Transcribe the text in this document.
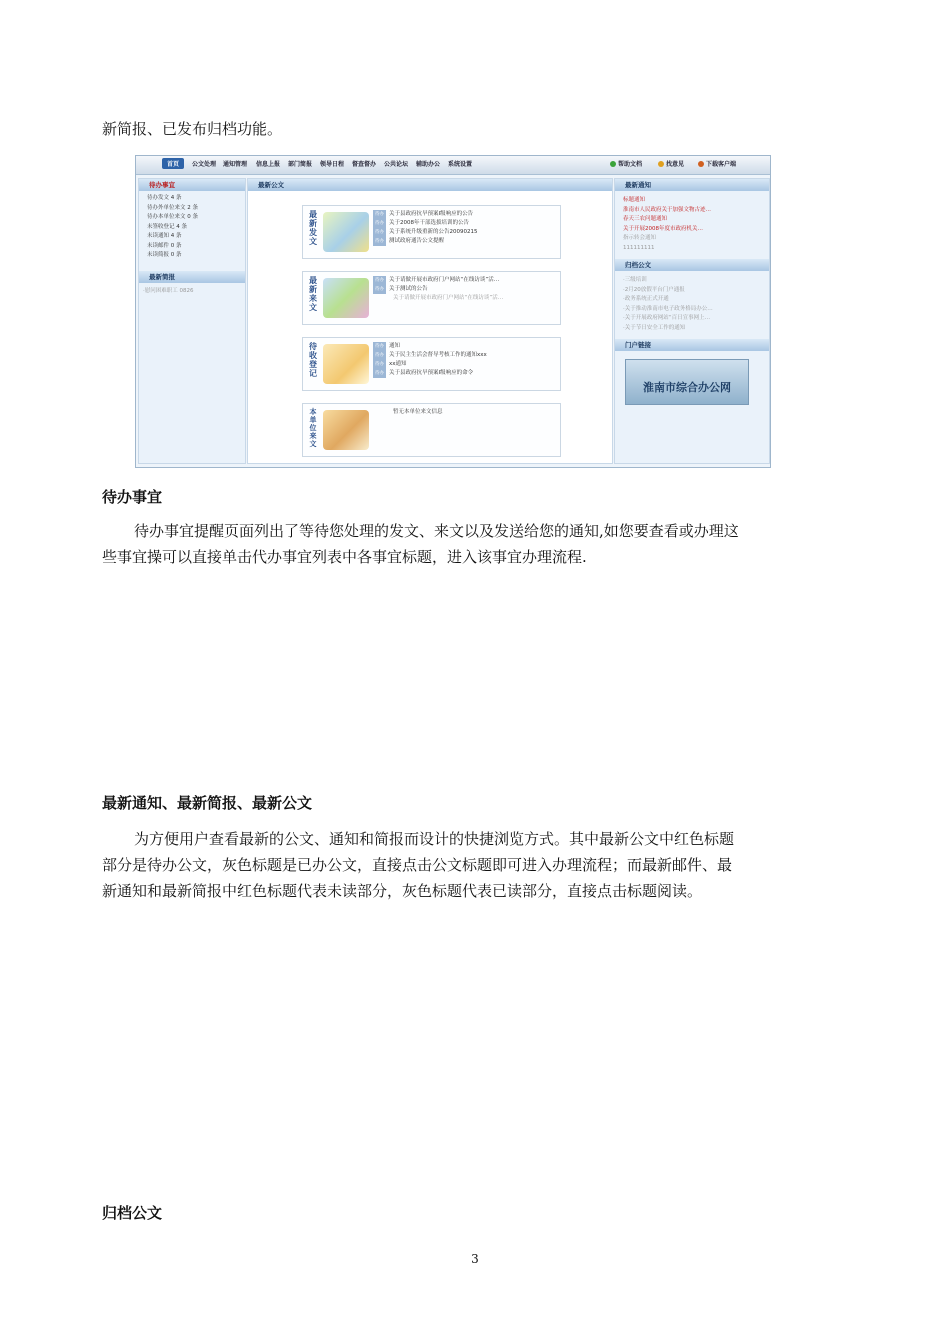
新简报、已发布归档功能。

首页	公文处理 通知管理 信息上报 部门简报 领导日程 督查督办 公共论坛 辅助办公 系统设置	帮助文档	找意见	下载客户端
待办事宜
待办发文 4 条
待办外单位来文 2 条
待办本单位来文 0 条
未签收登记 4 条
未读通知 4 条
未读邮件 0 条
未读简报 0 条
最新简报
·慰问困难职工 0826
最新公文
最新发文
待办 关于县政府抗旱预案Ⅰ级响应的公告
待办 关于2008年干部选拔培训的公告
待办 关于系统升级重新的公告20090215
待办 测试政府通告公文提醒
最新来文
待办 关于请做开展市政府门户网站“在线访谈”活…
待办 关于测试的公告
关于请做开展市政府门户网站“在线访谈”活…
待收登记
待办 通知
待办 关于民主生活会督导考核工作的通知xxx
待办 xx通知
待办 关于县政府抗旱预案Ⅰ级响应的命令
本单位来文
暂无本单位来文信息
最新通知
标题通知
淮南市人民政府关于加强文物古迹…
春天三农问题通知
关于开展2008年度市政府机关…
指示转会通知
111111111
归档公文
·三级培训
·2月20放假平台门户通报
·政务系统正式开通
·关于推动淮南市电子政务格局办公…
·关于开展政府网站“百日宣事网上…
·关于节日安全工作的通知
门户链接
淮南市综合办公网
待办事宜

待办事宜提醒页面列出了等待您处理的发文、来文以及发送给您的通知,如您要查看或办理这

些事宜操可以直接单击代办事宜列表中各事宜标题，进入该事宜办理流程.

最新通知、最新简报、最新公文

为方便用户查看最新的公文、通知和简报而设计的快捷浏览方式。其中最新公文中红色标题

部分是待办公文，灰色标题是已办公文，直接点击公文标题即可进入办理流程；而最新邮件、最

新通知和最新简报中红色标题代表未读部分，灰色标题代表已读部分，直接点击标题阅读。

归档公文
3
